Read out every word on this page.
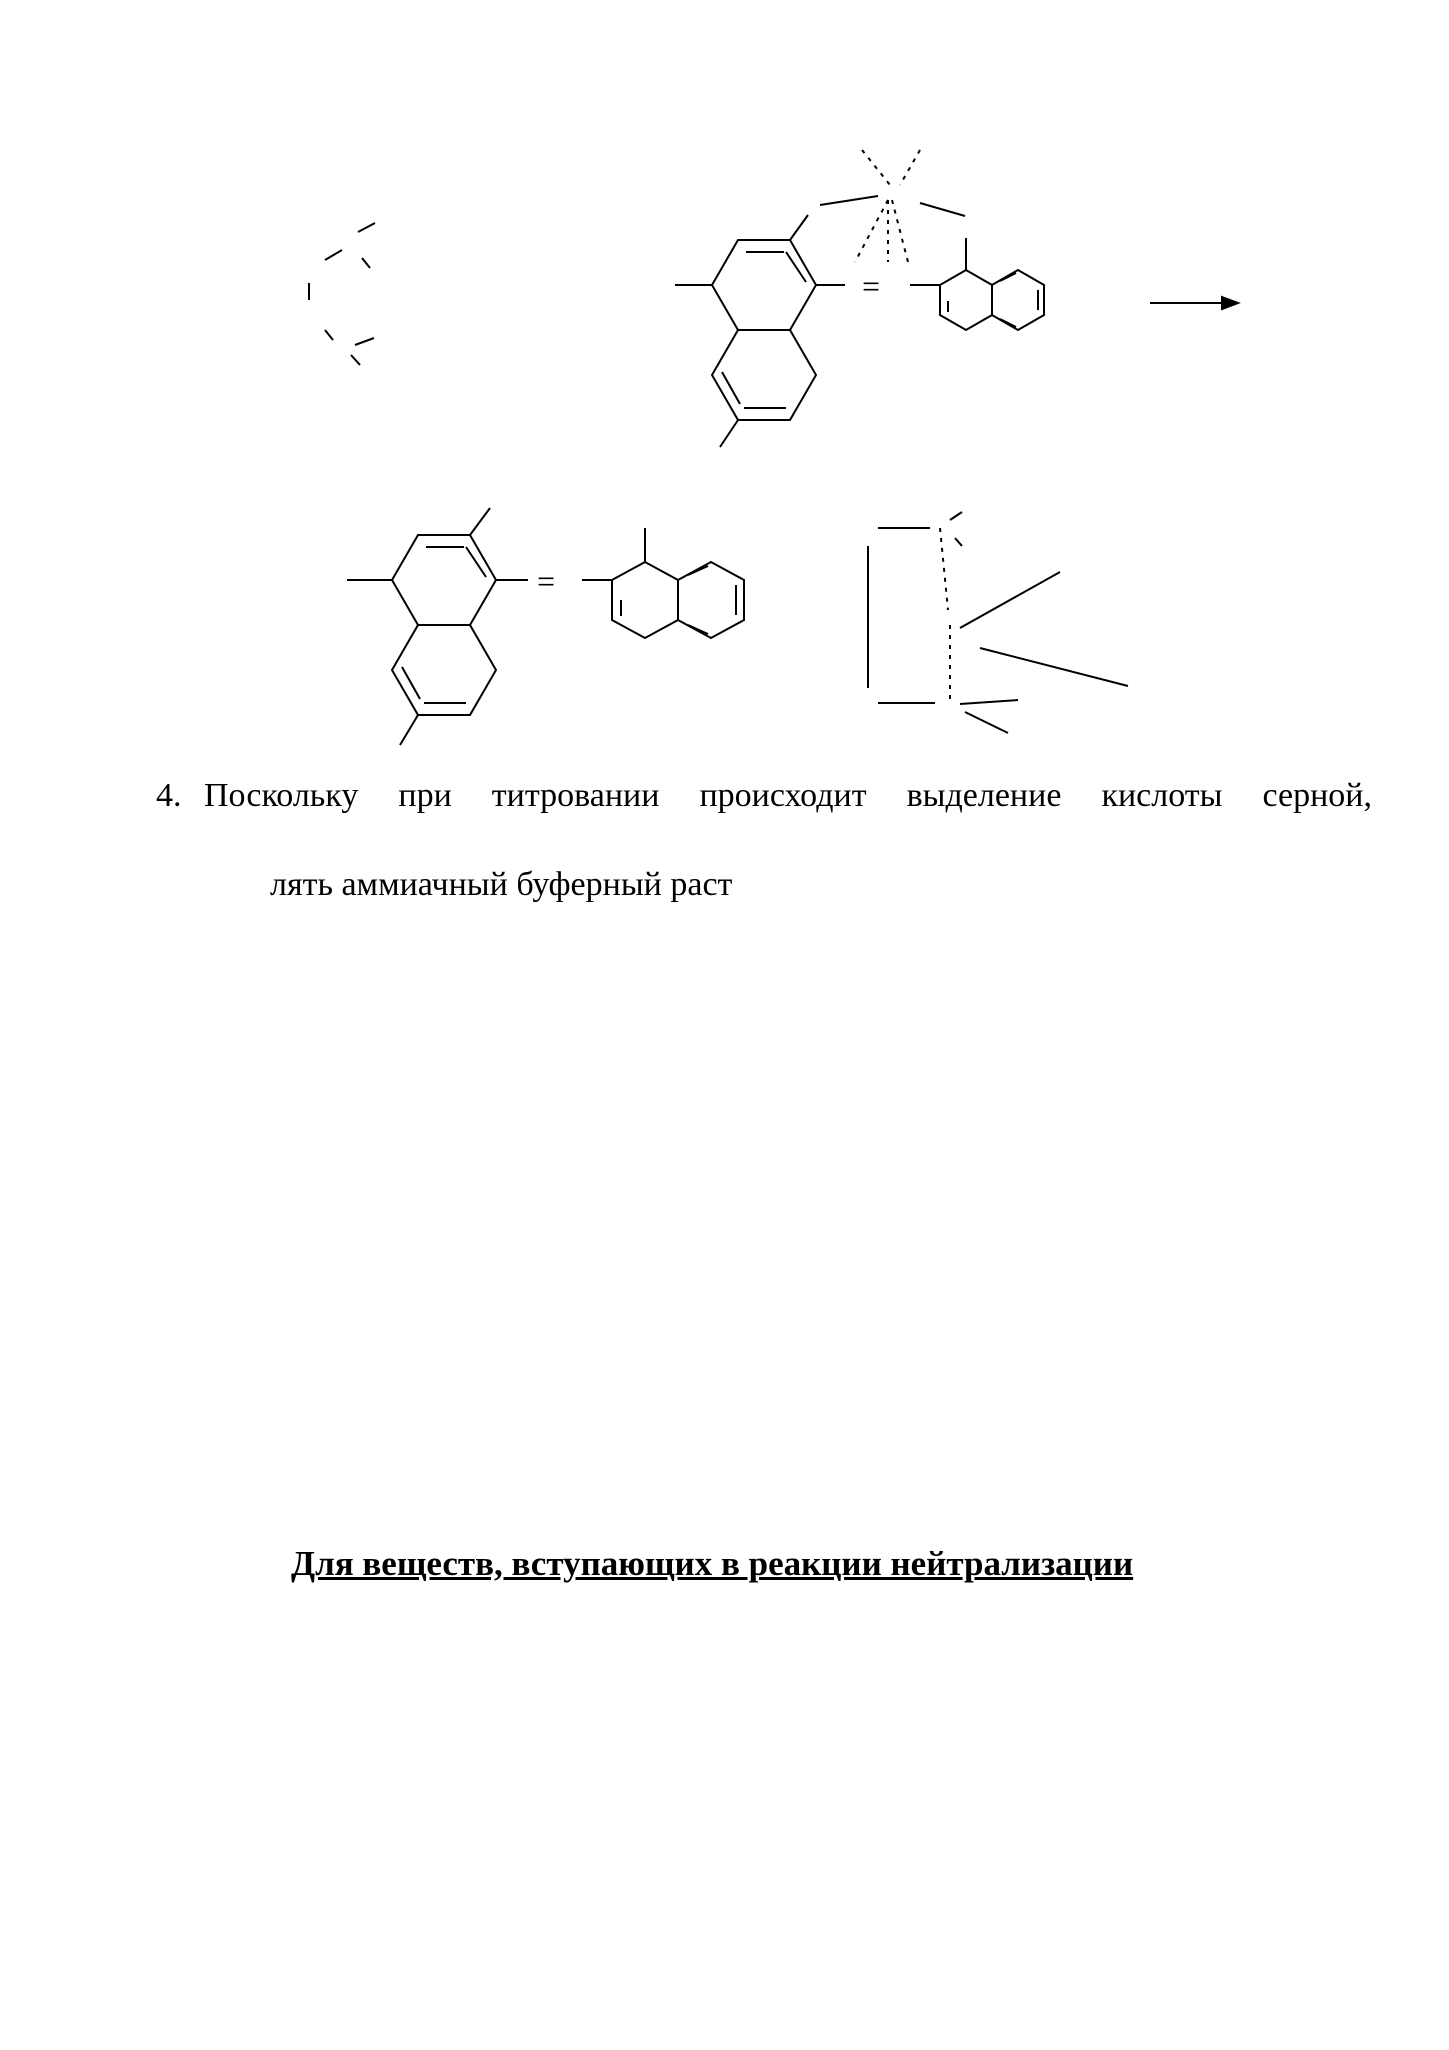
=
=
4. Поскольку при титровании происходит выделение кислоты серной,
лять аммиачный буферный раст
Для веществ, вступающих в реакции нейтрализации
